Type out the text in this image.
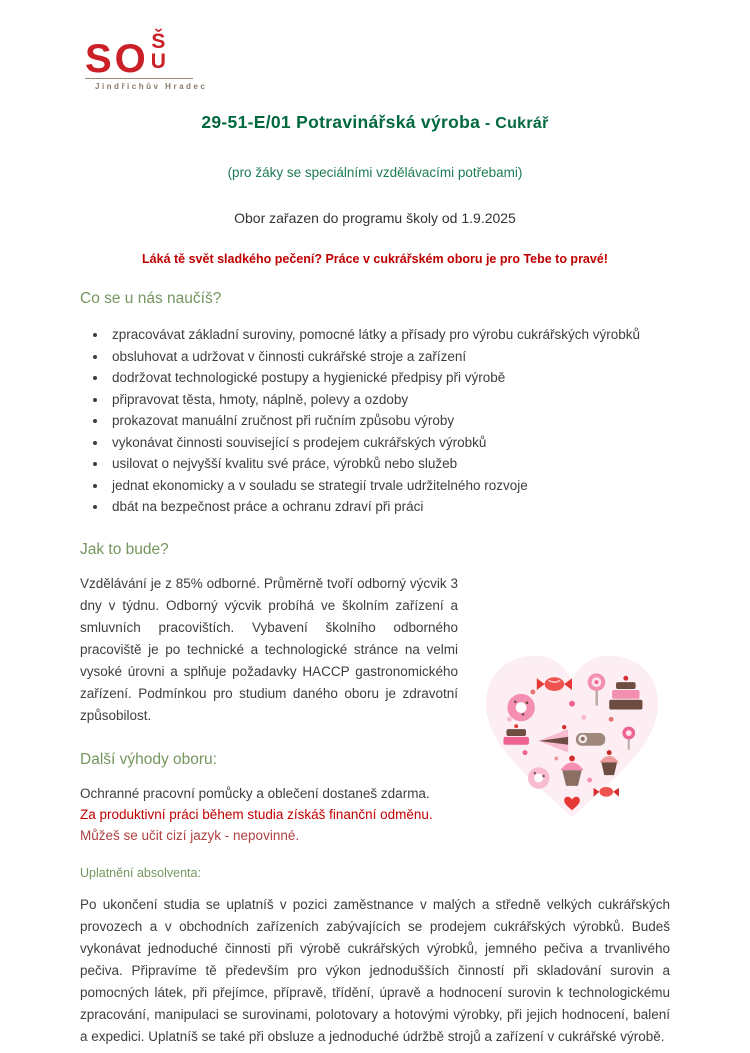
SO Š
U
Jindřichův Hradec
29-51-E/01 Potravinářská výroba - Cukrář
(pro žáky se speciálními vzdělávacími potřebami)
Obor zařazen do programu školy od 1.9.2025
Láká tě svět sladkého pečení? Práce v cukrářském oboru je pro Tebe to pravé!
Co se u nás naučíš?
• zpracovávat základní suroviny, pomocné látky a přísady pro výrobu cukrářských výrobků
• obsluhovat a udržovat v činnosti cukrářské stroje a zařízení
• dodržovat technologické postupy a hygienické předpisy při výrobě
• připravovat těsta, hmoty, náplně, polevy a ozdoby
• prokazovat manuální zručnost při ručním způsobu výroby
• vykonávat činnosti související s prodejem cukrářských výrobků
• usilovat o nejvyšší kvalitu své práce, výrobků nebo služeb
• jednat ekonomicky a v souladu se strategií trvale udržitelného rozvoje
• dbát na bezpečnost práce a ochranu zdraví při práci
Jak to bude?

Vzdělávání je z 85% odborné. Průměrně tvoří odborný výcvik 3 dny v týdnu. Odborný výcvik probíhá ve školním zařízení a smluvních pracovištích. Vybavení školního odborného pracoviště je po technické a technologické stránce na velmi vysoké úrovni a splňuje požadavky HACCP gastronomického zařízení. Podmínkou pro studium daného oboru je zdravotní způsobilost.

Další výhody oboru:
Ochranné pracovní pomůcky a oblečení dostaneš zdarma.
Za produktivní práci během studia získáš finanční odměnu.
Můžeš se učit cizí jazyk - nepovinné.
Uplatnění absolventa:

Po ukončení studia se uplatníš v pozici zaměstnance v malých a středně velkých cukrářských provozech a v obchodních zařízeních zabývajících se prodejem cukrářských výrobků. Budeš vykonávat jednoduché činnosti při výrobě cukrářských výrobků, jemného pečiva a trvanlivého pečiva. Připravíme tě především pro výkon jednodušších činností při skladování surovin a pomocných látek, při přejímce, přípravě, třídění, úpravě a hodnocení surovin k technologickému zpracování, manipulaci se surovinami, polotovary a hotovými výrobky, při jejich hodnocení, balení a expedici. Uplatníš se také při obsluze a jednoduché údržbě strojů a zařízení v cukrářské výrobě.
